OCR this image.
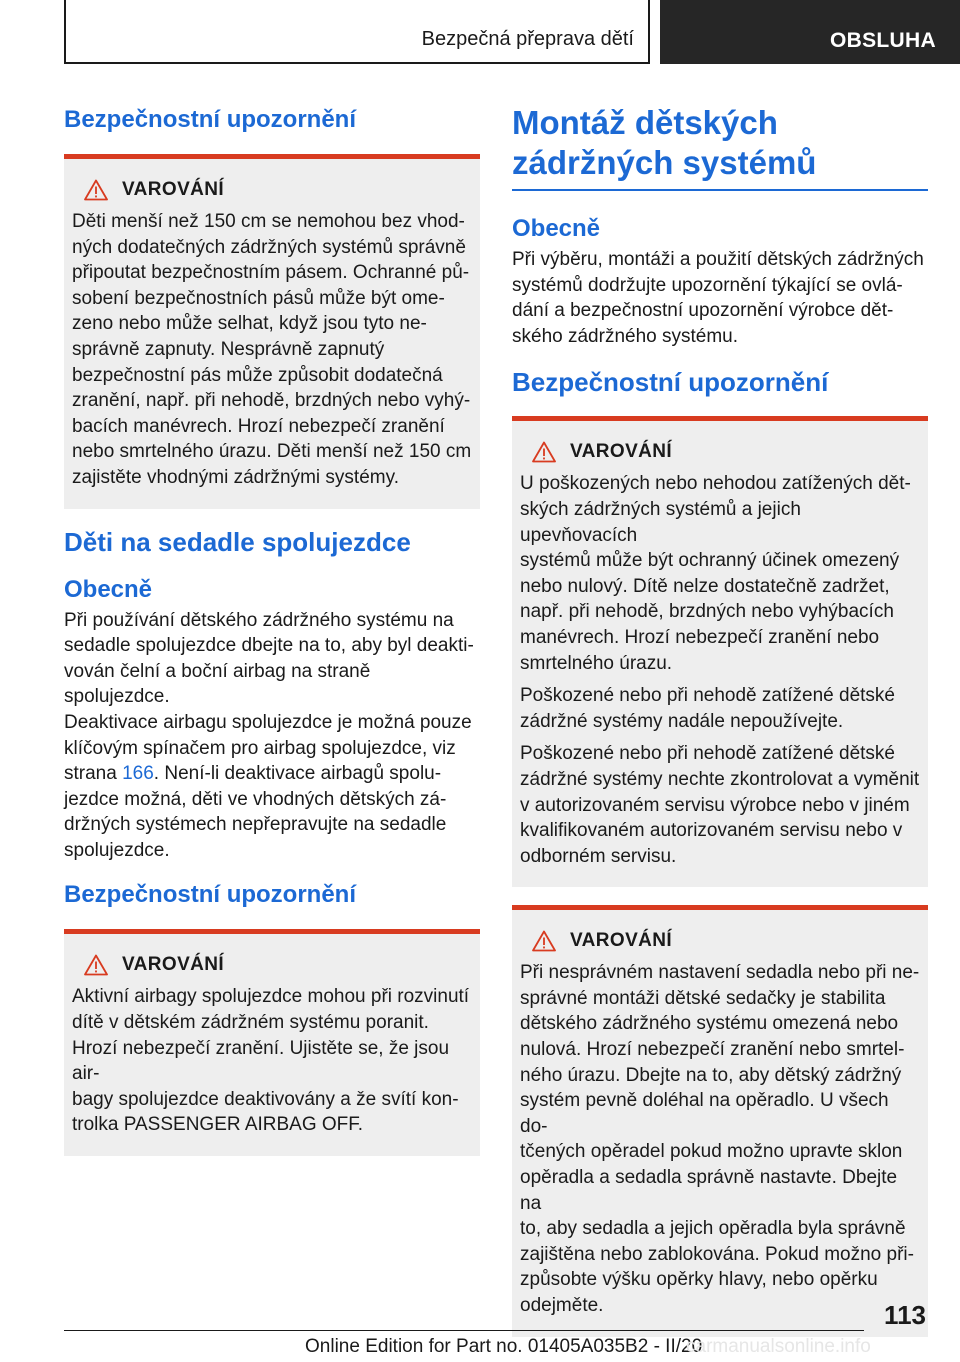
Bezpečná přeprava dětí	OBSLUHA
Bezpečnostní upozornění
VAROVÁNÍ

Děti menší než 150 cm se nemohou bez vhod‐
ných dodatečných zádržných systémů správně
připoutat bezpečnostním pásem. Ochranné pů‐
sobení bezpečnostních pásů může být ome‐
zeno nebo může selhat, když jsou tyto ne‐
správně zapnuty. Nesprávně zapnutý
bezpečnostní pás může způsobit dodatečná
zranění, např. při nehodě, brzdných nebo vyhý‐
bacích manévrech. Hrozí nebezpečí zranění
nebo smrtelného úrazu. Děti menší než 150 cm
zajistěte vhodnými zádržnými systémy.

Děti na sedadle spolujezdce
Obecně

Při používání dětského zádržného systému na
sedadle spolujezdce dbejte na to, aby byl deakti‐
vován čelní a boční airbag na straně spolujezdce.
Deaktivace airbagu spolujezdce je možná pouze
klíčovým spínačem pro airbag spolujezdce, viz
strana 166. Není-li deaktivace airbagů spolu‐
jezdce možná, děti ve vhodných dětských zá‐
držných systémech nepřepravujte na sedadle
spolujezdce.

Bezpečnostní upozornění
VAROVÁNÍ

Aktivní airbagy spolujezdce mohou při rozvinutí
dítě v dětském zádržném systému poranit.
Hrozí nebezpečí zranění. Ujistěte se, že jsou air‐
bagy spolujezdce deaktivovány a že svítí kon‐
trolka PASSENGER AIRBAG OFF.

Montáž dětských
zádržných systémů
Obecně

Při výběru, montáži a použití dětských zádržných
systémů dodržujte upozornění týkající se ovlá‐
dání a bezpečnostní upozornění výrobce dět‐
ského zádržného systému.

Bezpečnostní upozornění
VAROVÁNÍ

U poškozených nebo nehodou zatížených dět‐
ských zádržných systémů a jejich upevňovacích
systémů může být ochranný účinek omezený
nebo nulový. Dítě nelze dostatečně zadržet,
např. při nehodě, brzdných nebo vyhýbacích
manévrech. Hrozí nebezpečí zranění nebo
smrtelného úrazu.

Poškozené nebo při nehodě zatížené dětské
zádržné systémy nadále nepoužívejte.

Poškozené nebo při nehodě zatížené dětské
zádržné systémy nechte zkontrolovat a vyměnit
v autorizovaném servisu výrobce nebo v jiném
kvalifikovaném autorizovaném servisu nebo v
odborném servisu.

VAROVÁNÍ

Při nesprávném nastavení sedadla nebo při ne‐
správné montáži dětské sedačky je stabilita
dětského zádržného systému omezená nebo
nulová. Hrozí nebezpečí zranění nebo smrtel‐
ného úrazu. Dbejte na to, aby dětský zádržný
systém pevně doléhal na opěradlo. U všech do‐
tčených opěradel pokud možno upravte sklon
opěradla a sedadla správně nastavte. Dbejte na
to, aby sedadla a jejich opěradla byla správně
zajištěna nebo zablokována. Pokud možno při‐
způsobte výšku opěrky hlavy, nebo opěrku
odejměte.	113
Online Edition for Part no. 01405A035B2 - II/20
carmanualsonline.info
